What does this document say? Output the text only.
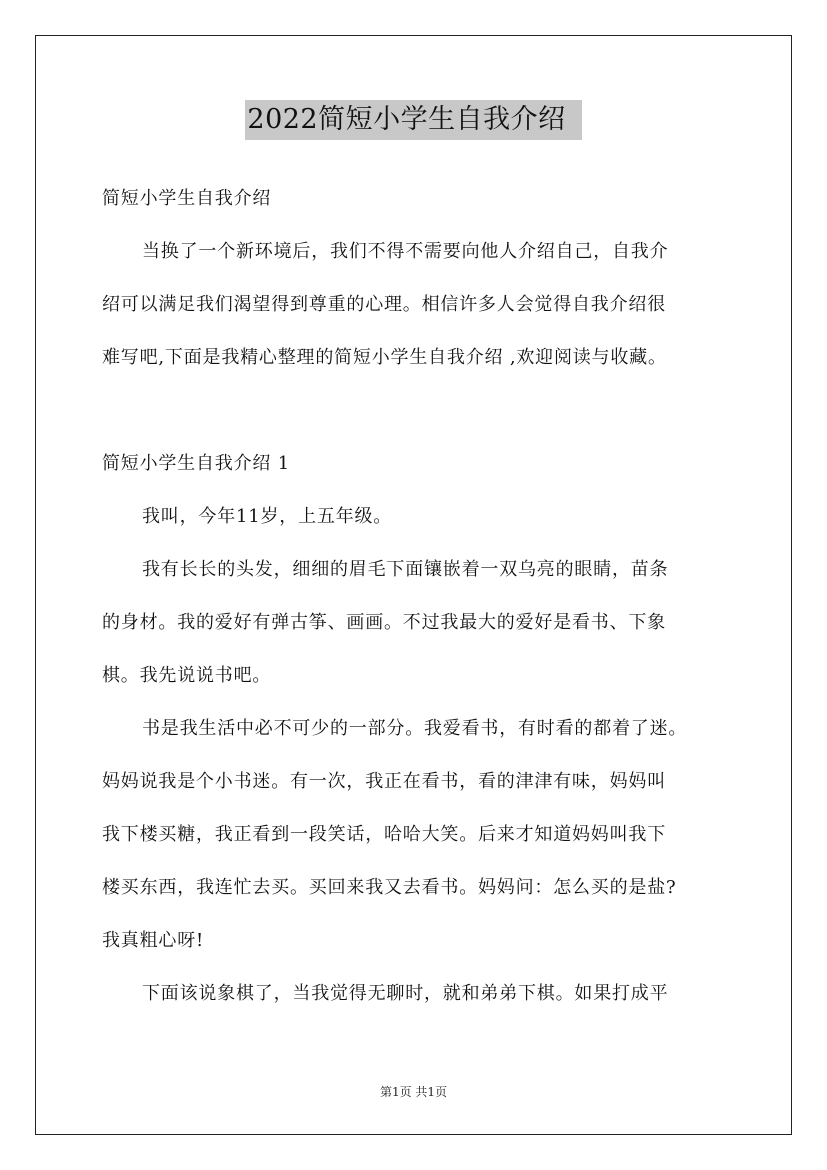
2022简短小学生自我介绍

简短小学生自我介绍

当换了一个新环境后，我们不得不需要向他人介绍自己，自我介

绍可以满足我们渴望得到尊重的心理。相信许多人会觉得自我介绍很

难写吧,下面是我精心整理的简短小学生自我介绍 ,欢迎阅读与收藏。

简短小学生自我介绍 1

我叫，今年11岁，上五年级。

我有长长的头发，细细的眉毛下面镶嵌着一双乌亮的眼睛，苗条

的身材。我的爱好有弹古筝、画画。不过我最大的爱好是看书、下象

棋。我先说说书吧。

书是我生活中必不可少的一部分。我爱看书，有时看的都着了迷。

妈妈说我是个小书迷。有一次，我正在看书，看的津津有味，妈妈叫

我下楼买糖，我正看到一段笑话，哈哈大笑。后来才知道妈妈叫我下

楼买东西，我连忙去买。买回来我又去看书。妈妈问：怎么买的是盐?

我真粗心呀!

下面该说象棋了，当我觉得无聊时，就和弟弟下棋。如果打成平

第1页 共1页
